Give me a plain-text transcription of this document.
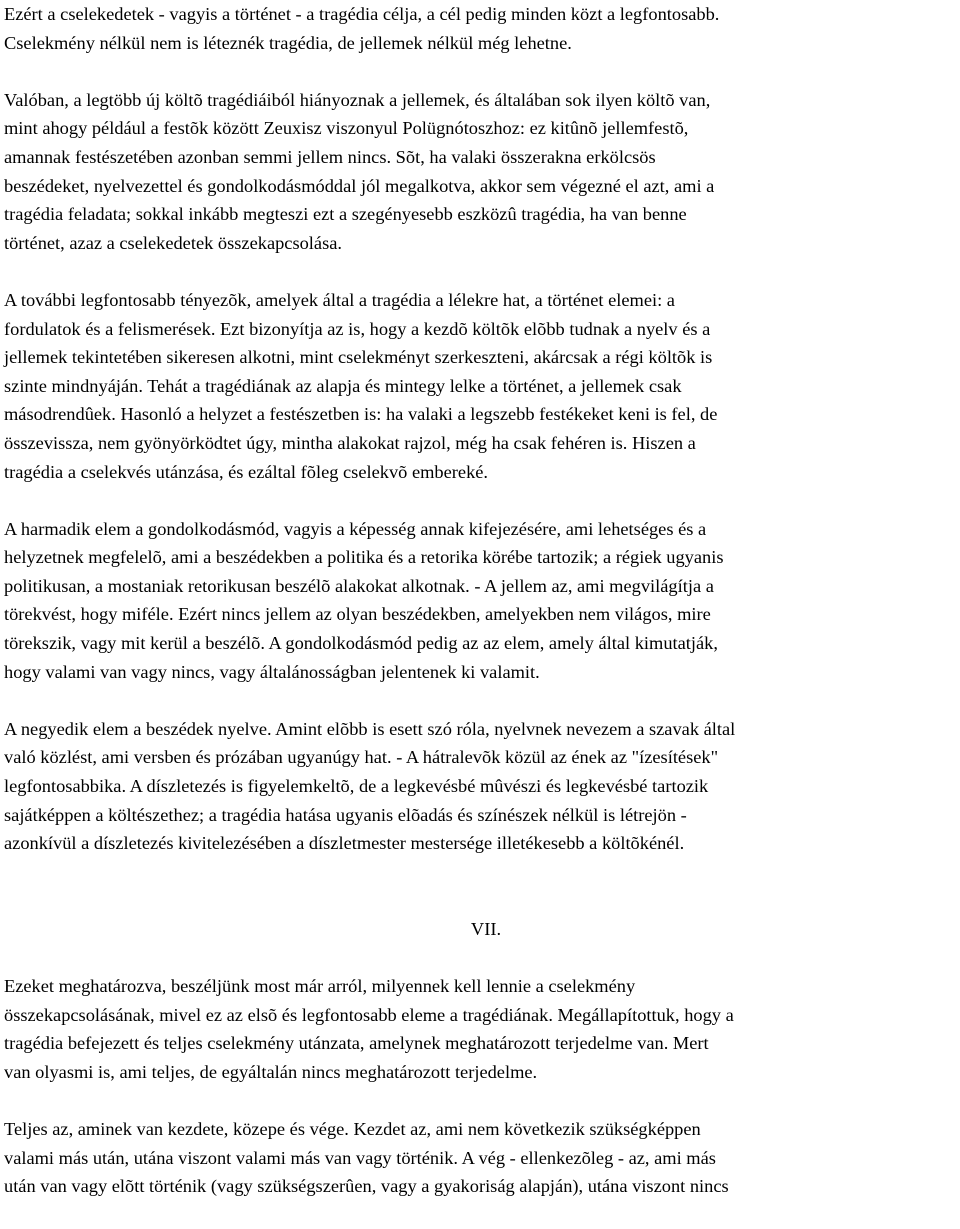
Ezért a cselekedetek - vagyis a történet - a tragédia célja, a cél pedig minden közt a legfontosabb.
Cselekmény nélkül nem is léteznék tragédia, de jellemek nélkül még lehetne.
Valóban, a legtöbb új költõ tragédiáiból hiányoznak a jellemek, és általában sok ilyen költõ van,
mint ahogy például a festõk között Zeuxisz viszonyul Polügnótoszhoz: ez kitûnõ jellemfestõ,
amannak festészetében azonban semmi jellem nincs. Sõt, ha valaki összerakna erkölcsös
beszédeket, nyelvezettel és gondolkodásmóddal jól megalkotva, akkor sem végezné el azt, ami a
tragédia feladata; sokkal inkább megteszi ezt a szegényesebb eszközû tragédia, ha van benne
történet, azaz a cselekedetek összekapcsolása.
A további legfontosabb tényezõk, amelyek által a tragédia a lélekre hat, a történet elemei: a
fordulatok és a felismerések. Ezt bizonyítja az is, hogy a kezdõ költõk elõbb tudnak a nyelv és a
jellemek tekintetében sikeresen alkotni, mint cselekményt szerkeszteni, akárcsak a régi költõk is
szinte mindnyáján. Tehát a tragédiának az alapja és mintegy lelke a történet, a jellemek csak
másodrendûek. Hasonló a helyzet a festészetben is: ha valaki a legszebb festékeket keni is fel, de
összevissza, nem gyönyörködtet úgy, mintha alakokat rajzol, még ha csak fehéren is. Hiszen a
tragédia a cselekvés utánzása, és ezáltal fõleg cselekvõ embereké.
A harmadik elem a gondolkodásmód, vagyis a képesség annak kifejezésére, ami lehetséges és a
helyzetnek megfelelõ, ami a beszédekben a politika és a retorika körébe tartozik; a régiek ugyanis
politikusan, a mostaniak retorikusan beszélõ alakokat alkotnak. - A jellem az, ami megvilágítja a
törekvést, hogy miféle. Ezért nincs jellem az olyan beszédekben, amelyekben nem világos, mire
törekszik, vagy mit kerül a beszélõ. A gondolkodásmód pedig az az elem, amely által kimutatják,
hogy valami van vagy nincs, vagy általánosságban jelentenek ki valamit.
A negyedik elem a beszédek nyelve. Amint elõbb is esett szó róla, nyelvnek nevezem a szavak által
való közlést, ami versben és prózában ugyanúgy hat. - A hátralevõk közül az ének az "ízesítések"
legfontosabbika. A díszletezés is figyelemkeltõ, de a legkevésbé mûvészi és legkevésbé tartozik
sajátképpen a költészethez; a tragédia hatása ugyanis elõadás és színészek nélkül is létrejön -
azonkívül a díszletezés kivitelezésében a díszletmester mestersége illetékesebb a költõkénél.
VII.
Ezeket meghatározva, beszéljünk most már arról, milyennek kell lennie a cselekmény
összekapcsolásának, mivel ez az elsõ és legfontosabb eleme a tragédiának. Megállapítottuk, hogy a
tragédia befejezett és teljes cselekmény utánzata, amelynek meghatározott terjedelme van. Mert
van olyasmi is, ami teljes, de egyáltalán nincs meghatározott terjedelme.
Teljes az, aminek van kezdete, közepe és vége. Kezdet az, ami nem következik szükségképpen
valami más után, utána viszont valami más van vagy történik. A vég - ellenkezõleg - az, ami más
után van vagy elõtt történik (vagy szükségszerûen, vagy a gyakoriság alapján), utána viszont nincs
